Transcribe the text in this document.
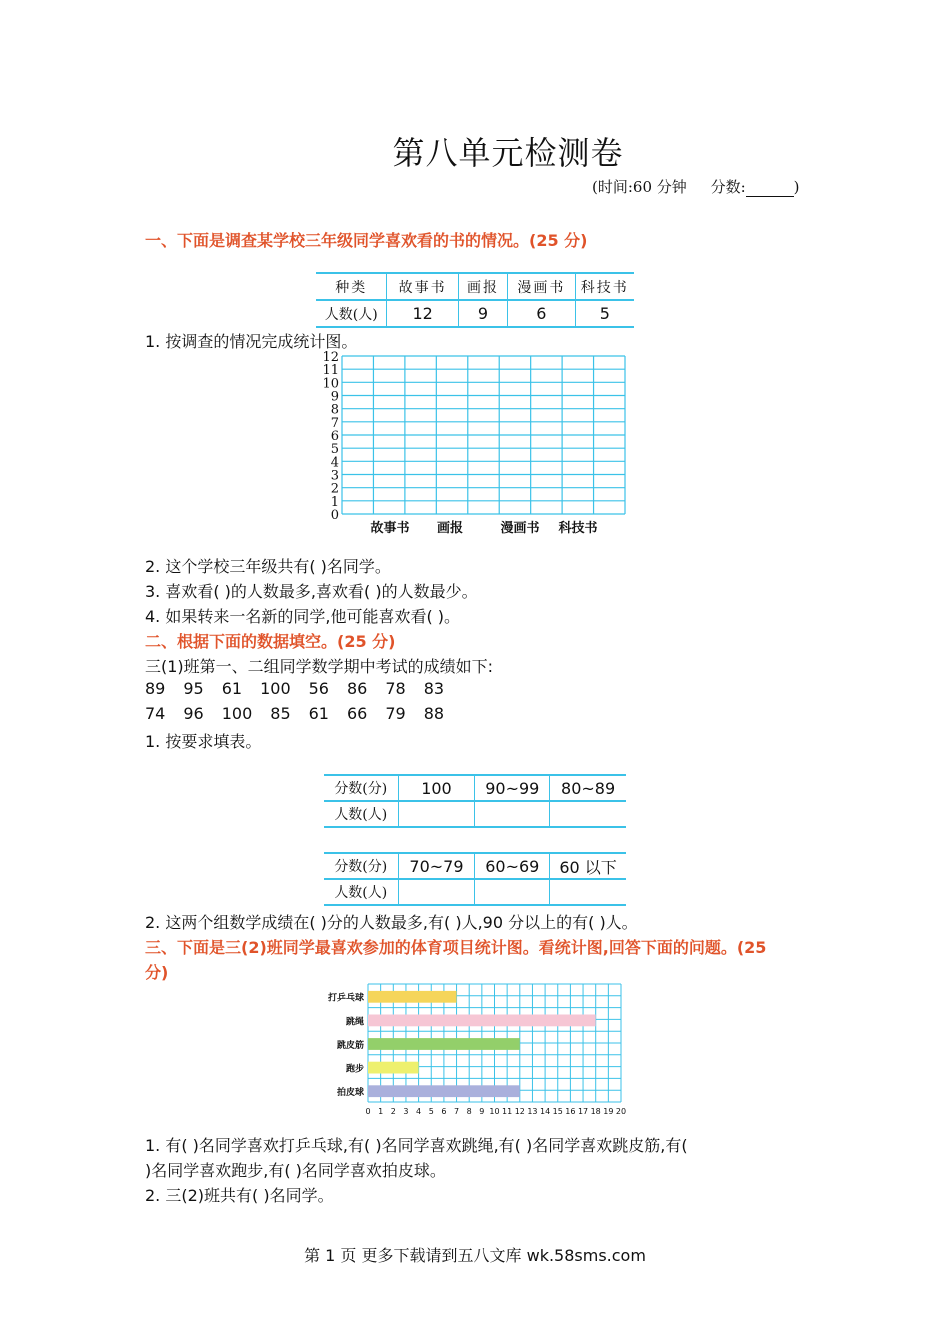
第八单元检测卷
(时间:60 分钟 分数:	)
一、下面是调查某学校三年级同学喜欢看的书的情况。(25 分)
种类	故事书	画报	漫画书	科技书
人数(人)	12	9	6	5
1. 按调查的情况完成统计图。
0
1
2
3
4
5
6
7
8
9
10
11
12
故事书 画报	漫画书 科技书
2. 这个学校三年级共有( )名同学。
3. 喜欢看( )的人数最多,喜欢看( )的人数最少。
4. 如果转来一名新的同学,他可能喜欢看( )。
二、根据下面的数据填空。(25 分)
三(1)班第一、二组同学数学期中考试的成绩如下:
89 95 61 100 56 86 78 83
74 96 100 85 61 66 79 88
1. 按要求填表。
分数(分)	100	90~99	80~89
人数(人)			

分数(分)	70~79	60~69	60 以下
人数(人)			
2. 这两个组数学成绩在( )分的人数最多,有( )人,90 分以上的有( )人。
三、下面是三(2)班同学最喜欢参加的体育项目统计图。看统计图,回答下面的问题。(25
分)
0 1 2 3 4 5 6 7 8 9 10 11 12 13 14 15 16 17 18 19 20
打乒乓球
跳绳
跳皮筋
跑步
拍皮球
1. 有( )名同学喜欢打乒乓球,有( )名同学喜欢跳绳,有( )名同学喜欢跳皮筋,有(
)名同学喜欢跑步,有( )名同学喜欢拍皮球。
2. 三(2)班共有( )名同学。
第 1 页 更多下载请到五八文库 wk.58sms.com
